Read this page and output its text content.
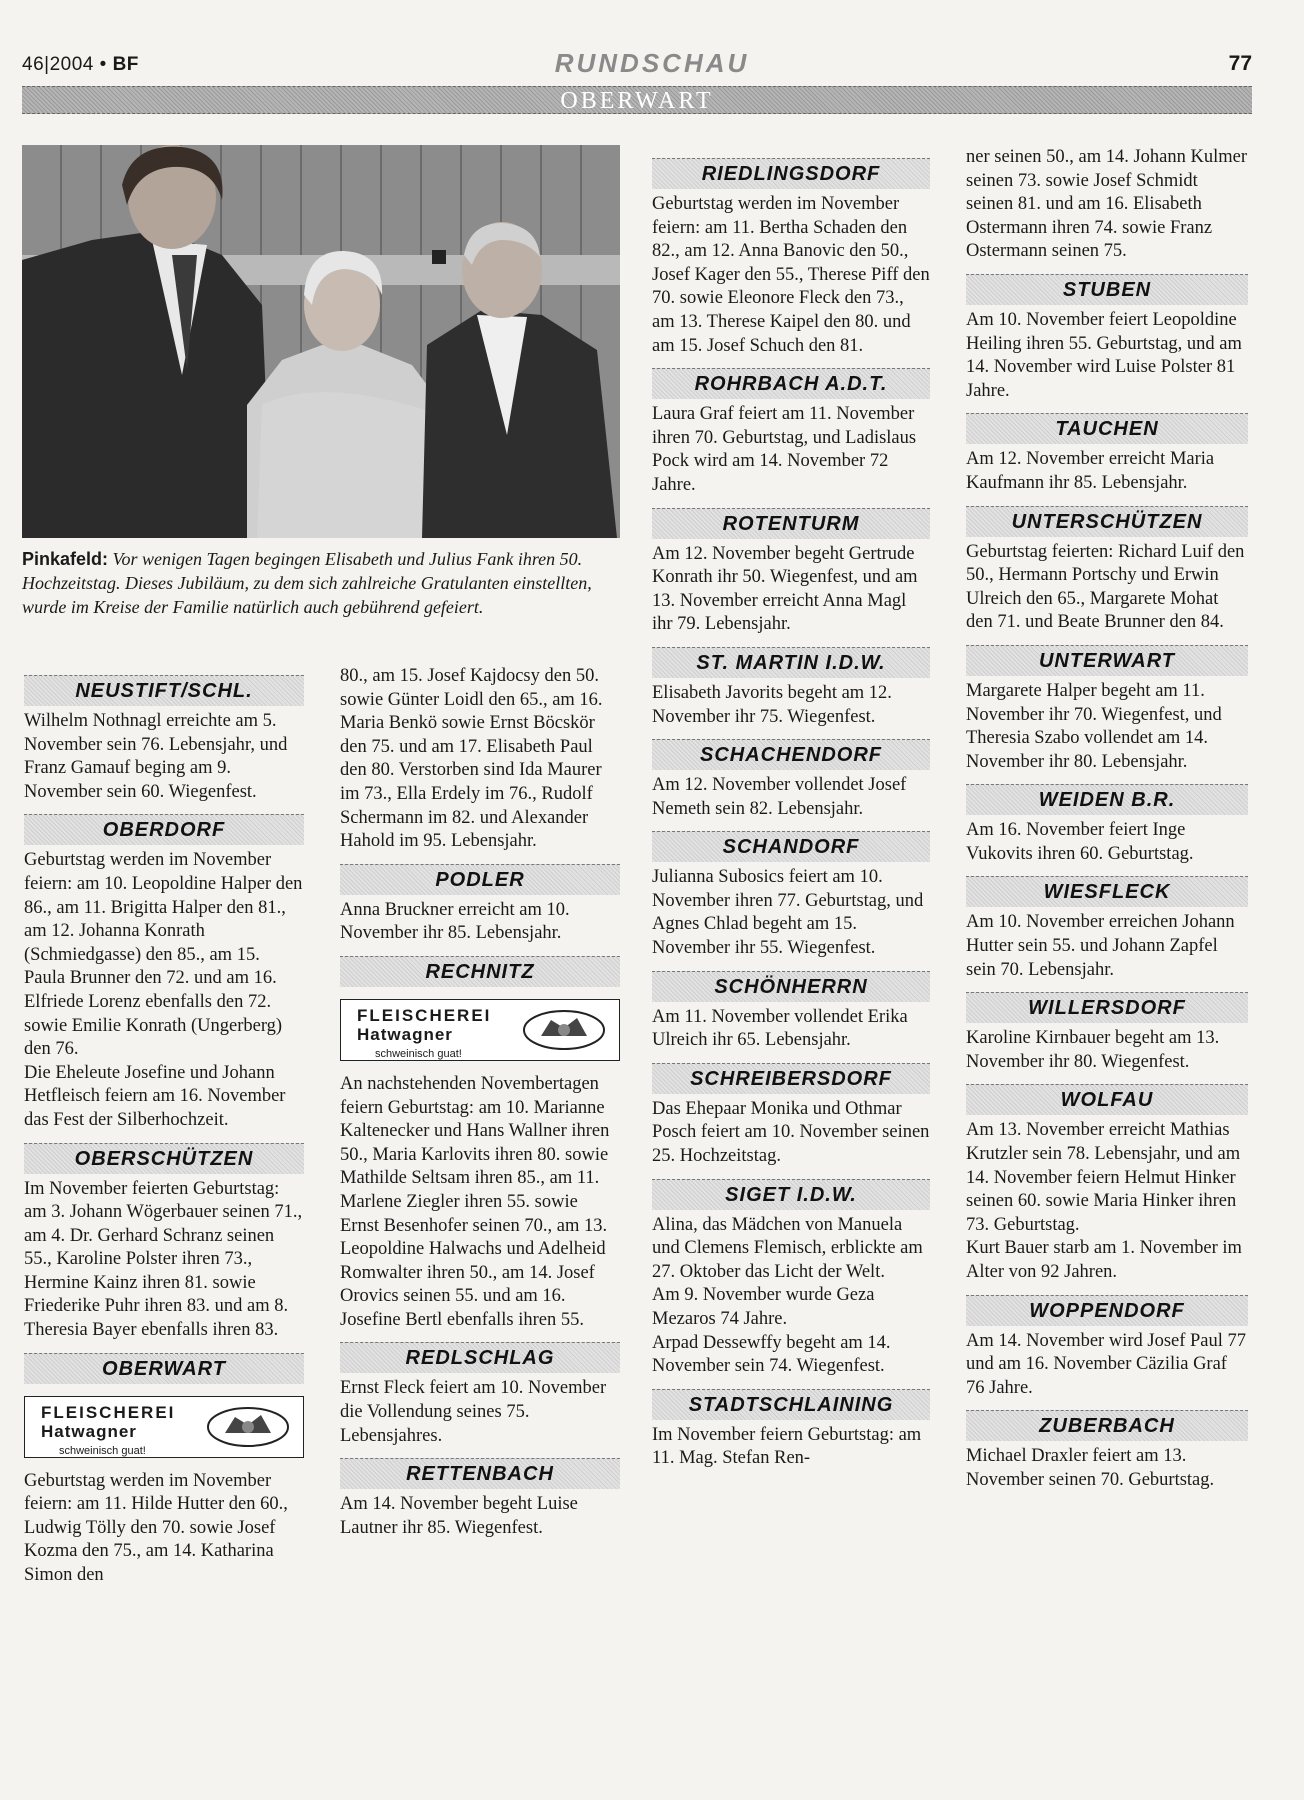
46|2004 • BF	RUNDSCHAU	77
OBERWART
Pinkafeld: Vor wenigen Tagen begingen Elisabeth und Julius Fank ihren 50. Hochzeitstag. Dieses Jubiläum, zu dem sich zahlreiche Gratulanten einstellten, wurde im Kreise der Familie natürlich auch gebührend gefeiert.
NEUSTIFT/SCHL.

Wilhelm Nothnagl erreichte am 5. November sein 76. Lebensjahr, und Franz Gamauf beging am 9. November sein 60. Wiegenfest.

OBERDORF

Geburtstag werden im November feiern: am 10. Leopoldine Halper den 86., am 11. Brigitta Halper den 81., am 12. Johanna Konrath (Schmiedgasse) den 85., am 15. Paula Brunner den 72. und am 16. Elfriede Lorenz ebenfalls den 72. sowie Emilie Konrath (Ungerberg) den 76.

Die Eheleute Josefine und Johann Hetfleisch feiern am 16. November das Fest der Silberhochzeit.

OBERSCHÜTZEN

Im November feierten Geburtstag: am 3. Johann Wögerbauer seinen 71., am 4. Dr. Gerhard Schranz seinen 55., Karoline Polster ihren 73., Hermine Kainz ihren 81. sowie Friederike Puhr ihren 83. und am 8. Theresia Bayer ebenfalls ihren 83.

OBERWART
FLEISCHEREI
Hatwagner
schweinisch guat!

Geburtstag werden im November feiern: am 11. Hilde Hutter den 60., Ludwig Tölly den 70. sowie Josef Kozma den 75., am 14. Katharina Simon den

80., am 15. Josef Kajdocsy den 50. sowie Günter Loidl den 65., am 16. Maria Benkö sowie Ernst Böcskör den 75. und am 17. Elisabeth Paul den 80. Verstorben sind Ida Maurer im 73., Ella Erdely im 76., Rudolf Schermann im 82. und Alexander Hahold im 95. Lebensjahr.

PODLER

Anna Bruckner erreicht am 10. November ihr 85. Lebensjahr.

RECHNITZ
FLEISCHEREI
Hatwagner
schweinisch guat!

An nachstehenden Novembertagen feiern Geburtstag: am 10. Marianne Kaltenecker und Hans Wallner ihren 50., Maria Karlovits ihren 80. sowie Mathilde Seltsam ihren 85., am 11. Marlene Ziegler ihren 55. sowie Ernst Besenhofer seinen 70., am 13. Leopoldine Halwachs und Adelheid Romwalter ihren 50., am 14. Josef Orovics seinen 55. und am 16. Josefine Bertl ebenfalls ihren 55.

REDLSCHLAG

Ernst Fleck feiert am 10. November die Vollendung seines 75. Lebensjahres.

RETTENBACH

Am 14. November begeht Luise Lautner ihr 85. Wiegenfest.

RIEDLINGSDORF

Geburtstag werden im November feiern: am 11. Bertha Schaden den 82., am 12. Anna Banovic den 50., Josef Kager den 55., Therese Piff den 70. sowie Eleonore Fleck den 73., am 13. Therese Kaipel den 80. und am 15. Josef Schuch den 81.

ROHRBACH A.D.T.

Laura Graf feiert am 11. November ihren 70. Geburtstag, und Ladislaus Pock wird am 14. November 72 Jahre.

ROTENTURM

Am 12. November begeht Gertrude Konrath ihr 50. Wiegenfest, und am 13. November erreicht Anna Magl ihr 79. Lebensjahr.

ST. MARTIN I.D.W.

Elisabeth Javorits begeht am 12. November ihr 75. Wiegenfest.

SCHACHENDORF

Am 12. November vollendet Josef Nemeth sein 82. Lebensjahr.

SCHANDORF

Julianna Subosics feiert am 10. November ihren 77. Geburtstag, und Agnes Chlad begeht am 15. November ihr 55. Wiegenfest.

SCHÖNHERRN

Am 11. November vollendet Erika Ulreich ihr 65. Lebensjahr.

SCHREIBERSDORF

Das Ehepaar Monika und Othmar Posch feiert am 10. November seinen 25. Hochzeitstag.

SIGET I.D.W.

Alina, das Mädchen von Manuela und Clemens Flemisch, erblickte am 27. Oktober das Licht der Welt.

Am 9. November wurde Geza Mezaros 74 Jahre.

Arpad Dessewffy begeht am 14. November sein 74. Wiegenfest.

STADTSCHLAINING

Im November feiern Geburtstag: am 11. Mag. Stefan Ren-

ner seinen 50., am 14. Johann Kulmer seinen 73. sowie Josef Schmidt seinen 81. und am 16. Elisabeth Ostermann ihren 74. sowie Franz Ostermann seinen 75.

STUBEN

Am 10. November feiert Leopoldine Heiling ihren 55. Geburtstag, und am 14. November wird Luise Polster 81 Jahre.

TAUCHEN

Am 12. November erreicht Maria Kaufmann ihr 85. Lebensjahr.

UNTERSCHÜTZEN

Geburtstag feierten: Richard Luif den 50., Hermann Portschy und Erwin Ulreich den 65., Margarete Mohat den 71. und Beate Brunner den 84.

UNTERWART

Margarete Halper begeht am 11. November ihr 70. Wiegenfest, und Theresia Szabo vollendet am 14. November ihr 80. Lebensjahr.

WEIDEN B.R.

Am 16. November feiert Inge Vukovits ihren 60. Geburtstag.

WIESFLECK

Am 10. November erreichen Johann Hutter sein 55. und Johann Zapfel sein 70. Lebensjahr.

WILLERSDORF

Karoline Kirnbauer begeht am 13. November ihr 80. Wiegenfest.

WOLFAU

Am 13. November erreicht Mathias Krutzler sein 78. Lebensjahr, und am 14. November feiern Helmut Hinker seinen 60. sowie Maria Hinker ihren 73. Geburtstag.

Kurt Bauer starb am 1. November im Alter von 92 Jahren.

WOPPENDORF

Am 14. November wird Josef Paul 77 und am 16. November Cäzilia Graf 76 Jahre.

ZUBERBACH

Michael Draxler feiert am 13. November seinen 70. Geburtstag.
